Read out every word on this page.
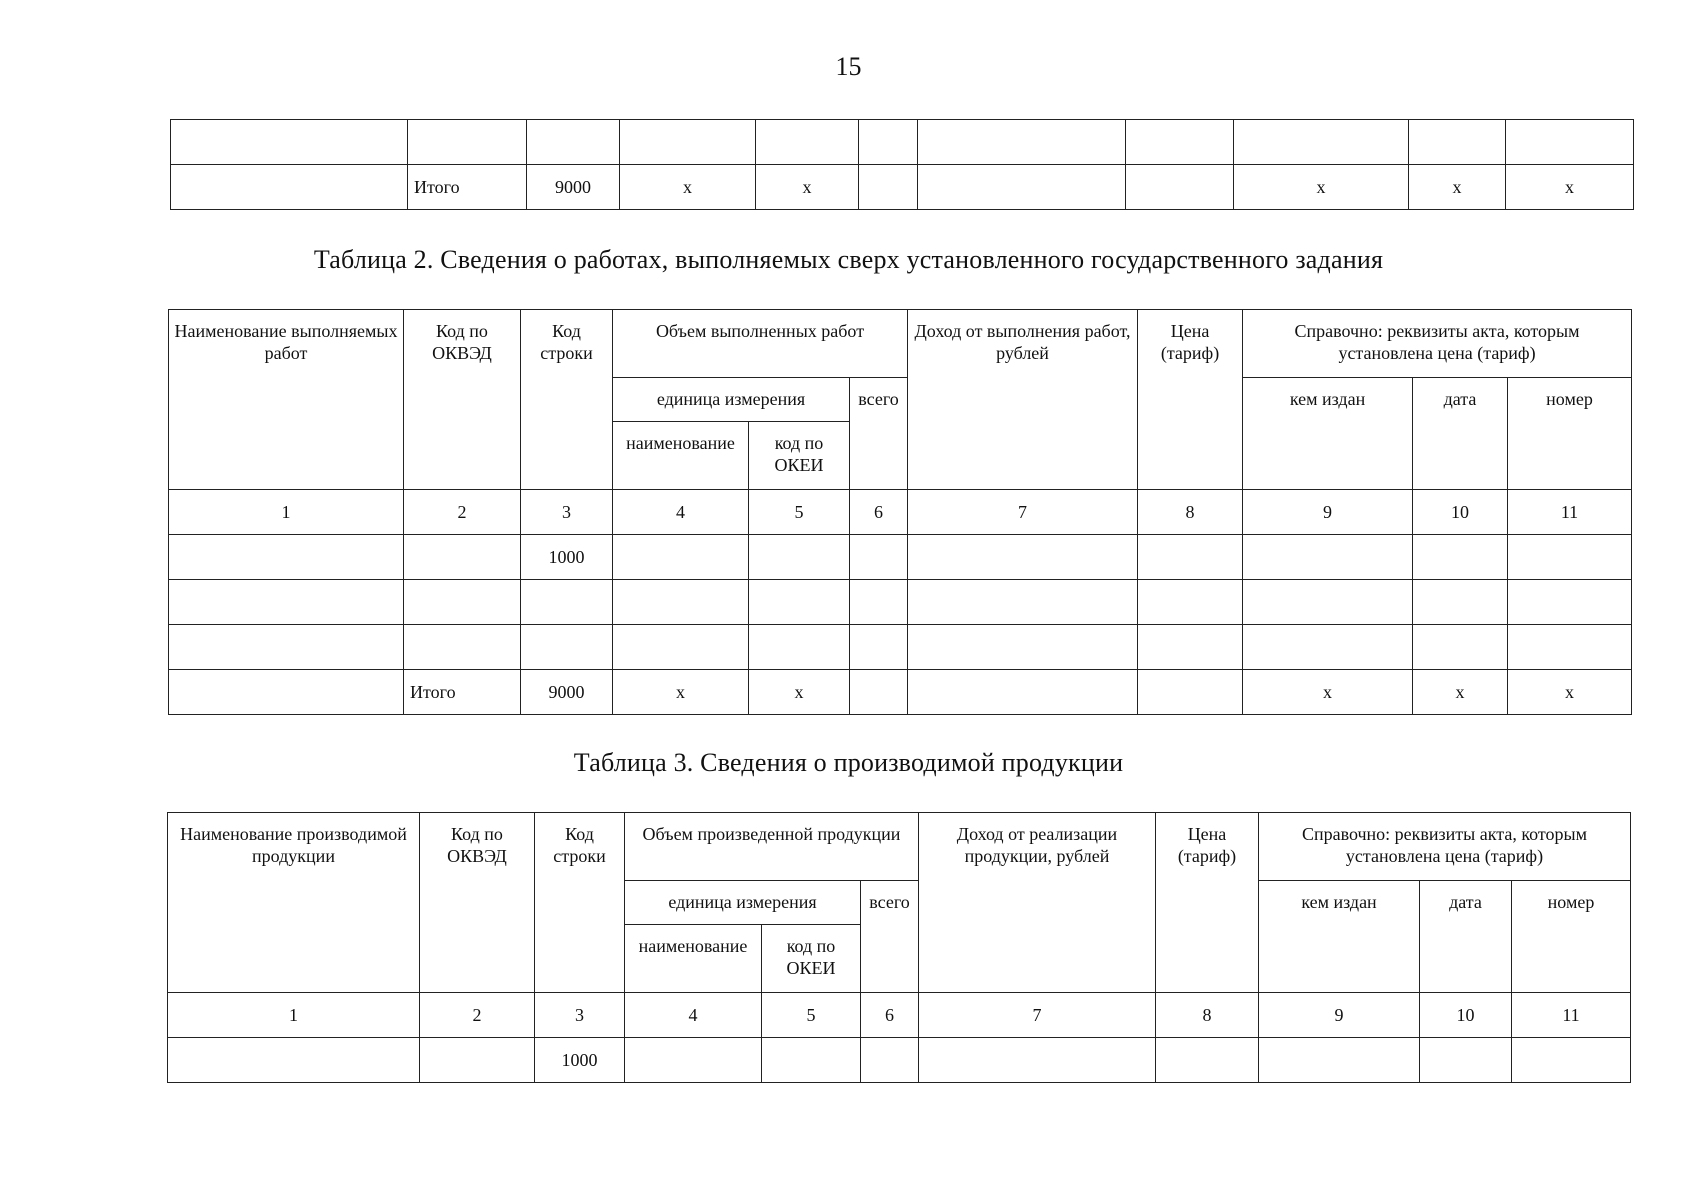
15

	Итого	9000	х	х				х	х	х
Таблица 2. Сведения о работах, выполняемых сверх установленного государственного задания
Наименование выполняемых работ	Код по ОКВЭД	Код строки	Объем выполненных работ			Доход от выполнения работ, рублей	Цена (тариф)	Справочно: реквизиты акта, которым установлена цена (тариф)		
			единица измерения		всего			кем издан	дата	номер
			наименование	код по ОКЕИ						
1	2	3	4	5	6	7	8	9	10	11
		1000								

	Итого	9000	х	х				х	х	х
Таблица 3. Сведения о производимой продукции
Наименование производимой продукции	Код по ОКВЭД	Код строки	Объем произведенной продукции			Доход от реализации продукции, рублей	Цена (тариф)	Справочно: реквизиты акта, которым установлена цена (тариф)		
			единица измерения		всего			кем издан	дата	номер
			наименование	код по ОКЕИ						
1	2	3	4	5	6	7	8	9	10	11
		1000								
